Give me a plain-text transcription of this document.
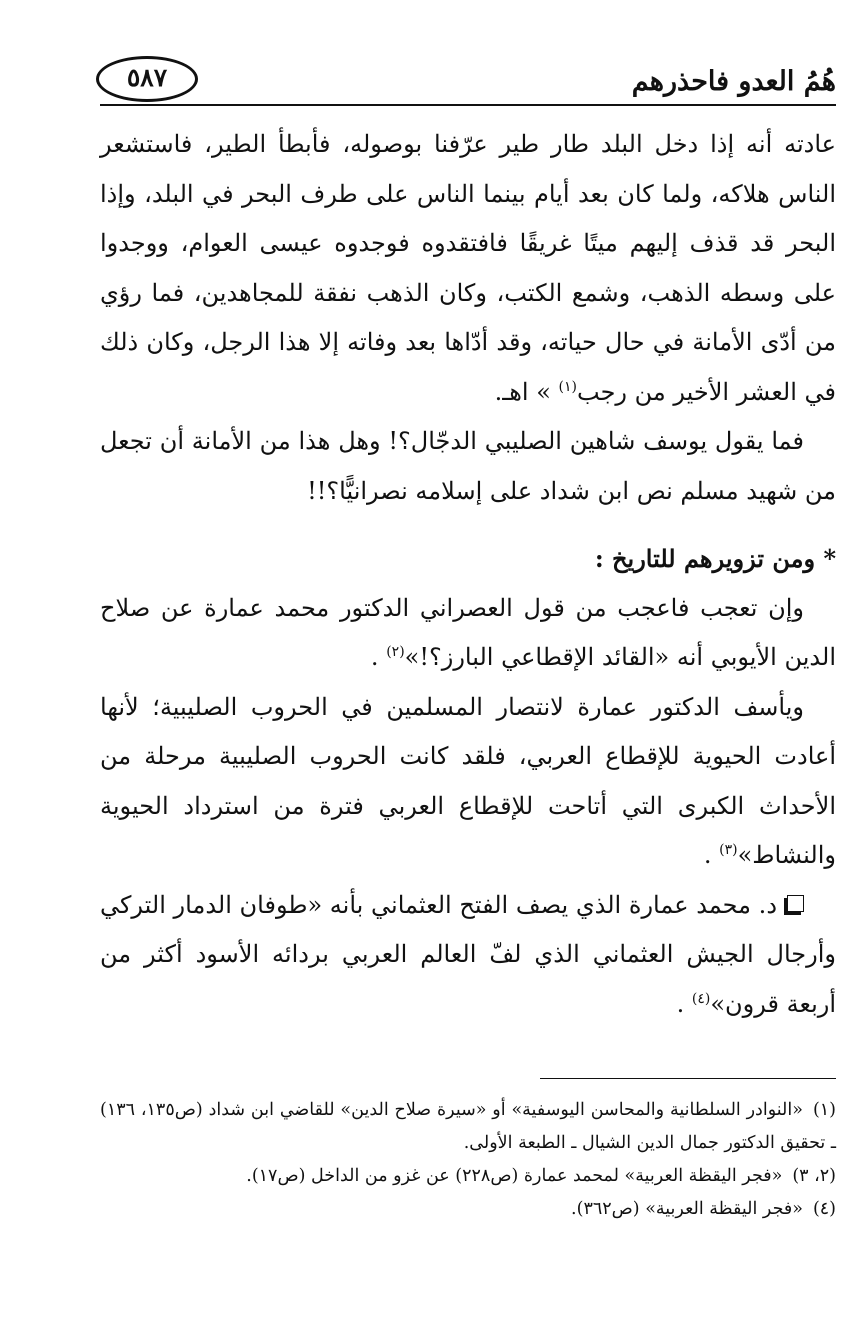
هُمُ العدو فاحذرهم
٥٨٧

عادته أنه إذا دخل البلد طار طير عرّفنا بوصوله، فأبطأ الطير، فاستشعر الناس هلاكه، ولما كان بعد أيام بينما الناس على طرف البحر في البلد، وإذا البحر قد قذف إليهم ميتًا غريقًا فافتقدوه فوجدوه عيسى العوام، ووجدوا على وسطه الذهب، وشمع الكتب، وكان الذهب نفقة للمجاهدين، فما رؤي من أدّى الأمانة في حال حياته، وقد أدّاها بعد وفاته إلا هذا الرجل، وكان ذلك في العشر الأخير من رجب$^{(١)}$ » اهـ.

فما يقول يوسف شاهين الصليبي الدجّال؟! وهل هذا من الأمانة أن تجعل من شهيد مسلم نص ابن شداد على إسلامه نصرانيًّا؟!!

* ومن تزويرهم للتاريخ :

وإن تعجب فاعجب من قول العصراني الدكتور محمد عمارة عن صلاح الدين الأيوبي أنه «القائد الإقطاعي البارز؟!»$^{(٢)}$ .

ويأسف الدكتور عمارة لانتصار المسلمين في الحروب الصليبية؛ لأنها أعادت الحيوية للإقطاع العربي، فلقد كانت الحروب الصليبية مرحلة من الأحداث الكبرى التي أتاحت للإقطاع العربي فترة من استرداد الحيوية والنشاط»$^{(٣)}$ .

د. محمد عمارة الذي يصف الفتح العثماني بأنه «طوفان الدمار التركي وأرجال الجيش العثماني الذي لفّ العالم العربي بردائه الأسود أكثر من أربعة قرون»$^{(٤)}$ .

(١)«النوادر السلطانية والمحاسن اليوسفية» أو «سيرة صلاح الدين» للقاضي ابن شداد (ص١٣٥، ١٣٦) ـ تحقيق الدكتور جمال الدين الشيال ـ الطبعة الأولى.

(٢، ٣)«فجر اليقظة العربية» لمحمد عمارة (ص٢٢٨) عن غزو من الداخل (ص١٧).

(٤)«فجر اليقظة العربية» (ص٣٦٢).
